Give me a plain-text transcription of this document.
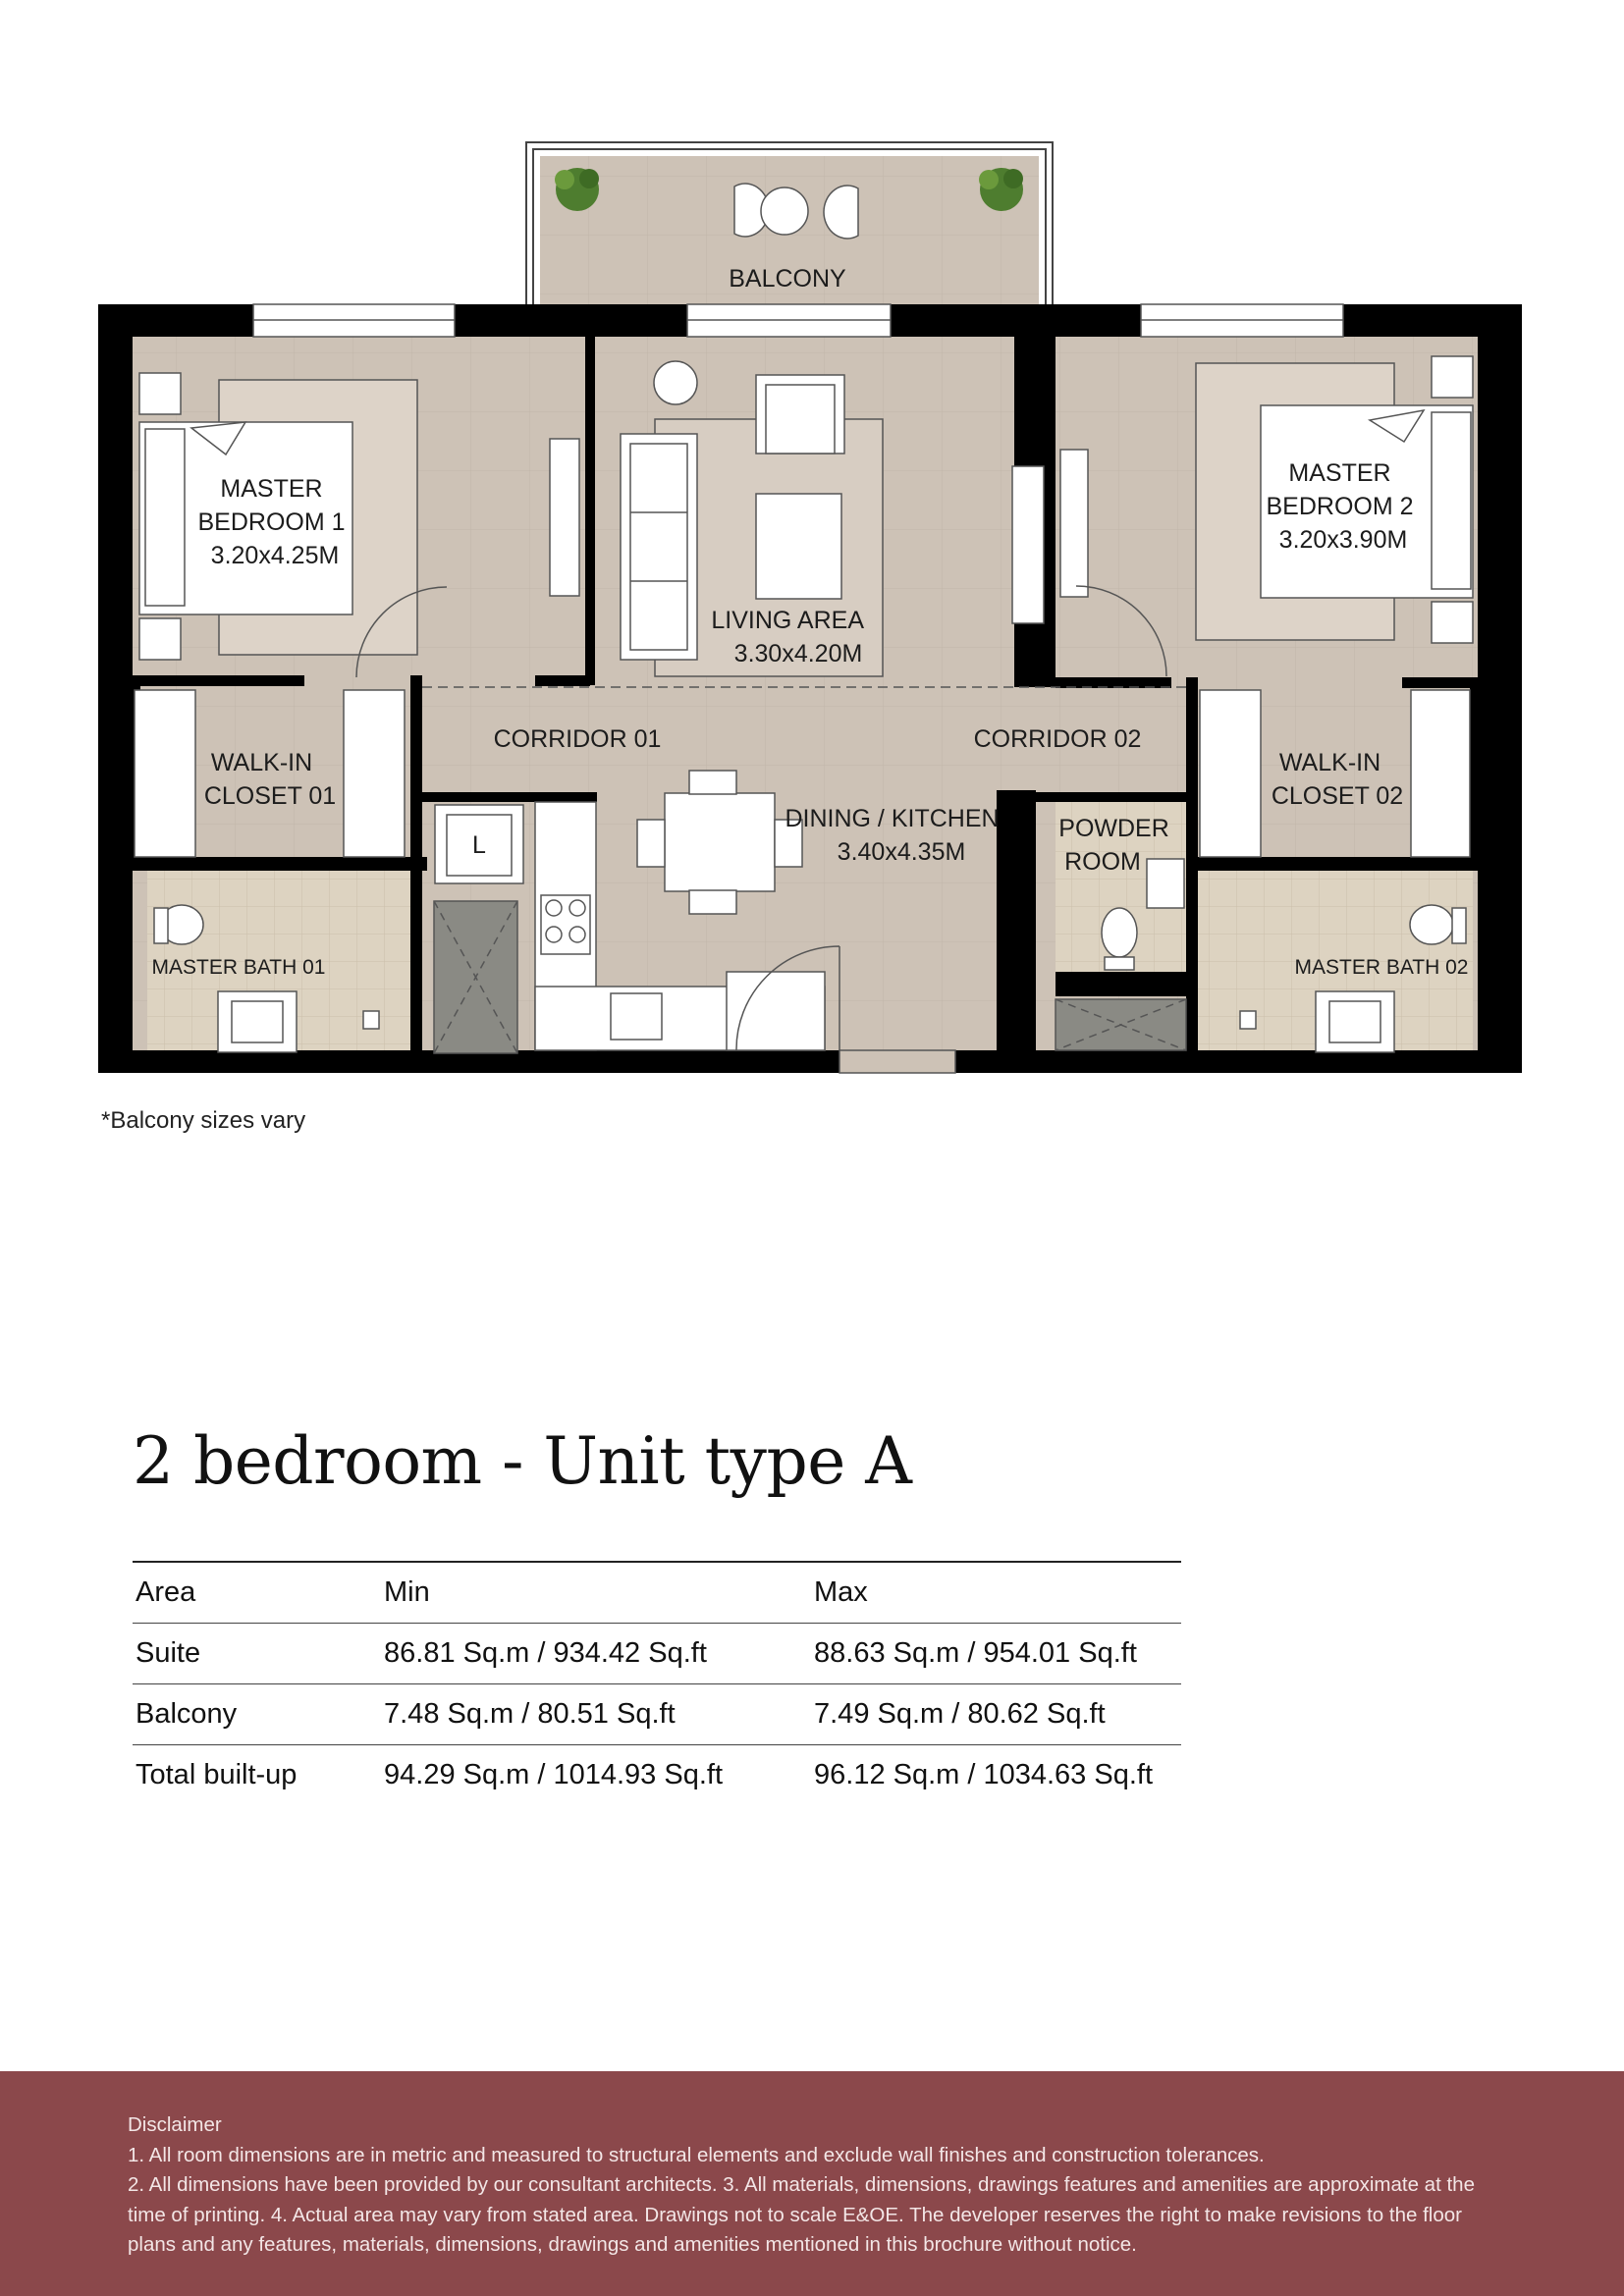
MASTER BEDROOM 1 3.20x4.25M
LIVING AREA 3.30x4.20M
MASTER BEDROOM 2 3.20x3.90M
WALK-IN CLOSET 01
WALK-IN CLOSET 02
CORRIDOR 01	CORRIDOR 02
L
DINING / KITCHEN 3.40x4.35M
POWDER ROOM
MASTER BATH 01	MASTER BATH 02
BALCONY
*Balcony sizes vary
2 bedroom - Unit type A
Area	Min	Max
Suite	86.81 Sq.m / 934.42 Sq.ft	88.63 Sq.m / 954.01 Sq.ft
Balcony	7.48 Sq.m / 80.51 Sq.ft	7.49 Sq.m / 80.62 Sq.ft
Total built-up	94.29 Sq.m / 1014.93 Sq.ft	96.12 Sq.m / 1034.63 Sq.ft

Disclaimer

1. All room dimensions are in metric and measured to structural elements and exclude wall finishes and construction tolerances.

2. All dimensions have been provided by our consultant architects. 3. All materials, dimensions, drawings features and amenities are approximate at the time of printing. 4. Actual area may vary from stated area. Drawings not to scale E&OE. The developer reserves the right to make revisions to the floor plans and any features, materials, dimensions, drawings and amenities mentioned in this brochure without notice.
